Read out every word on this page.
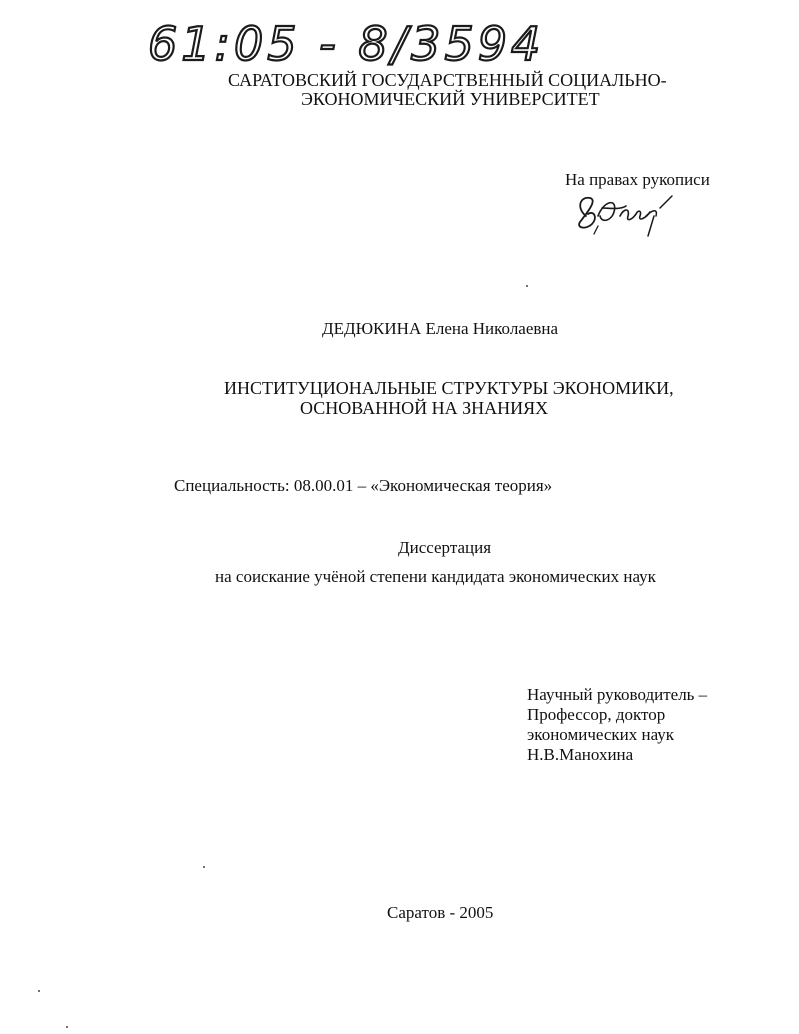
61:05 - 8/3594
САРАТОВСКИЙ ГОСУДАРСТВЕННЫЙ СОЦИАЛЬНО-
ЭКОНОМИЧЕСКИЙ УНИВЕРСИТЕТ
На правах рукописи
ДЕДЮКИНА Елена Николаевна
ИНСТИТУЦИОНАЛЬНЫЕ СТРУКТУРЫ ЭКОНОМИКИ,
ОСНОВАННОЙ НА ЗНАНИЯХ
Специальность: 08.00.01 – «Экономическая теория»
Диссертация
на соискание учёной степени кандидата экономических наук
Научный руководитель –
Профессор, доктор
экономических наук
Н.В.Манохина
Саратов - 2005
